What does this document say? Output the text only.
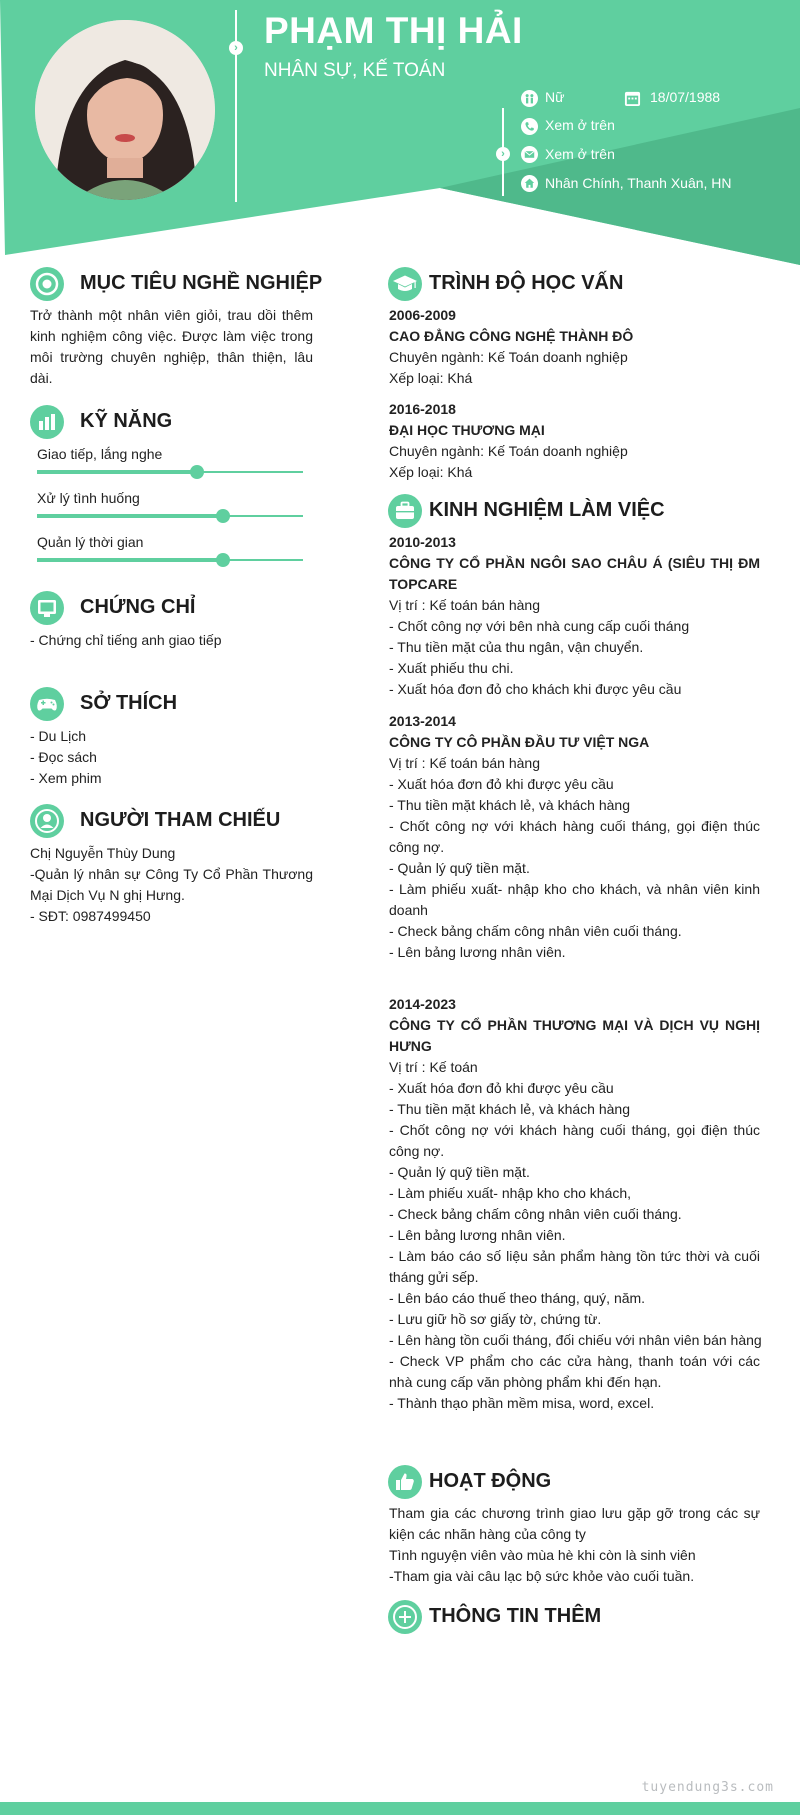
›
›
PHẠM THỊ HẢI
NHÂN SỰ, KẾ TOÁN
Nữ	18/07/1988
Xem ở trên
Xem ở trên
Nhân Chính, Thanh Xuân, HN
MỤC TIÊU NGHỀ NGHIỆP
Trở thành một nhân viên giỏi, trau dồi thêm kinh nghiệm công việc. Được làm việc trong môi trường chuyên nghiệp, thân thiện, lâu dài.
KỸ NĂNG
Giao tiếp, lắng nghe
Xử lý tình huống
Quản lý thời gian
CHỨNG CHỈ
- Chứng chỉ tiếng anh giao tiếp
SỞ THÍCH
- Du Lịch
- Đọc sách
- Xem phim
NGƯỜI THAM CHIẾU
Chị Nguyễn Thùy Dung
-Quản lý nhân sự Công Ty Cổ Phần Thương Mại Dịch Vụ N ghị Hưng.
- SĐT: 0987499450
TRÌNH ĐỘ HỌC VẤN
2006-2009
CAO ĐẲNG CÔNG NGHỆ THÀNH ĐÔ
Chuyên ngành: Kế Toán doanh nghiệp
Xếp loại: Khá
2016-2018
ĐẠI HỌC THƯƠNG MẠI
Chuyên ngành: Kế Toán doanh nghiệp
Xếp loại: Khá
KINH NGHIỆM LÀM VIỆC
2010-2013
CÔNG TY CỔ PHẦN NGÔI SAO CHÂU Á (SIÊU THỊ ĐM TOPCARE
Vị trí : Kế toán bán hàng
- Chốt công nợ với bên nhà cung cấp cuối tháng
- Thu tiền mặt của thu ngân, vận chuyển.
- Xuất phiếu thu chi.
- Xuất hóa đơn đỏ cho khách khi được yêu cầu
2013-2014
CÔNG TY CÔ PHẦN ĐẦU TƯ VIỆT NGA
Vị trí : Kế toán bán hàng
- Xuất hóa đơn đỏ khi được yêu cầu
- Thu tiền mặt khách lẻ, và khách hàng
- Chốt công nợ với khách hàng cuối tháng, gọi điện thúc công nợ.
- Quản lý quỹ tiền mặt.
- Làm phiếu xuất- nhập kho cho khách, và nhân viên kinh doanh
- Check bảng chấm công nhân viên cuối tháng.
- Lên bảng lương nhân viên.
2014-2023
CÔNG TY CỔ PHẦN THƯƠNG MẠI VÀ DỊCH VỤ NGHỊ HƯNG
Vị trí : Kế toán
- Xuất hóa đơn đỏ khi được yêu cầu
- Thu tiền mặt khách lẻ, và khách hàng
- Chốt công nợ với khách hàng cuối tháng, gọi điện thúc công nợ.
- Quản lý quỹ tiền mặt.
- Làm phiếu xuất- nhập kho cho khách,
- Check bảng chấm công nhân viên cuối tháng.
- Lên bảng lương nhân viên.
- Làm báo cáo số liệu sản phẩm hàng tồn tức thời và cuối tháng gửi sếp.
- Lên báo cáo thuế theo tháng, quý, năm.
- Lưu giữ hồ sơ giấy tờ, chứng từ.
- Lên hàng tồn cuối tháng, đối chiếu với nhân viên bán hàng
- Check VP phẩm cho các cửa hàng, thanh toán với các nhà cung cấp văn phòng phẩm khi đến hạn.
- Thành thạo phần mềm misa, word, excel.
HOẠT ĐỘNG
Tham gia các chương trình giao lưu gặp gỡ trong các sự kiện các nhãn hàng của công ty
Tình nguyện viên vào mùa hè khi còn là sinh viên
-Tham gia vài câu lạc bộ sức khỏe vào cuối tuần.
THÔNG TIN THÊM
tuyendung3s.com
